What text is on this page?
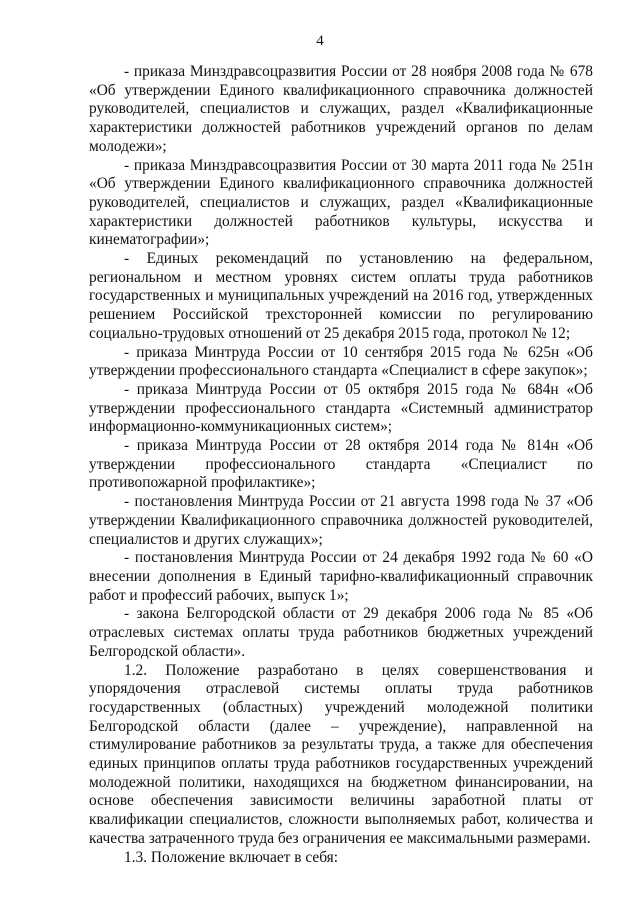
4

- приказа Минздравсоцразвития России от 28 ноября 2008 года № 678 «Об утверждении Единого квалификационного справочника должностей руководителей, специалистов и служащих, раздел «Квалификационные характеристики должностей работников учреждений органов по делам молодежи»;

- приказа Минздравсоцразвития России от 30 марта 2011 года № 251н «Об утверждении Единого квалификационного справочника должностей руководителей, специалистов и служащих, раздел «Квалификационные характеристики должностей работников культуры, искусства и кинематографии»;

- Единых рекомендаций по установлению на федеральном, региональном и местном уровнях систем оплаты труда работников государственных и муниципальных учреждений на 2016 год, утвержденных решением Российской трехсторонней комиссии по регулированию социально-трудовых отношений от 25 декабря 2015 года, протокол № 12;

- приказа Минтруда России от 10 сентября 2015 года № 625н «Об утверждении профессионального стандарта «Специалист в сфере закупок»;

- приказа Минтруда России от 05 октября 2015 года № 684н «Об утверждении профессионального стандарта «Системный администратор информационно-коммуникационных систем»;

- приказа Минтруда России от 28 октября 2014 года № 814н «Об утверждении профессионального стандарта «Специалист по противопожарной профилактике»;

- постановления Минтруда России от 21 августа 1998 года № 37 «Об утверждении Квалификационного справочника должностей руководителей, специалистов и других служащих»;

- постановления Минтруда России от 24 декабря 1992 года № 60 «О внесении дополнения в Единый тарифно-квалификационный справочник работ и профессий рабочих, выпуск 1»;

- закона Белгородской области от 29 декабря 2006 года № 85 «Об отраслевых системах оплаты труда работников бюджетных учреждений Белгородской области».

1.2. Положение разработано в целях совершенствования и упорядочения отраслевой системы оплаты труда работников государственных (областных) учреждений молодежной политики Белгородской области (далее – учреждение), направленной на стимулирование работников за результаты труда, а также для обеспечения единых принципов оплаты труда работников государственных учреждений молодежной политики, находящихся на бюджетном финансировании, на основе обеспечения зависимости величины заработной платы от квалификации специалистов, сложности выполняемых работ, количества и качества затраченного труда без ограничения ее максимальными размерами.

1.3. Положение включает в себя:
